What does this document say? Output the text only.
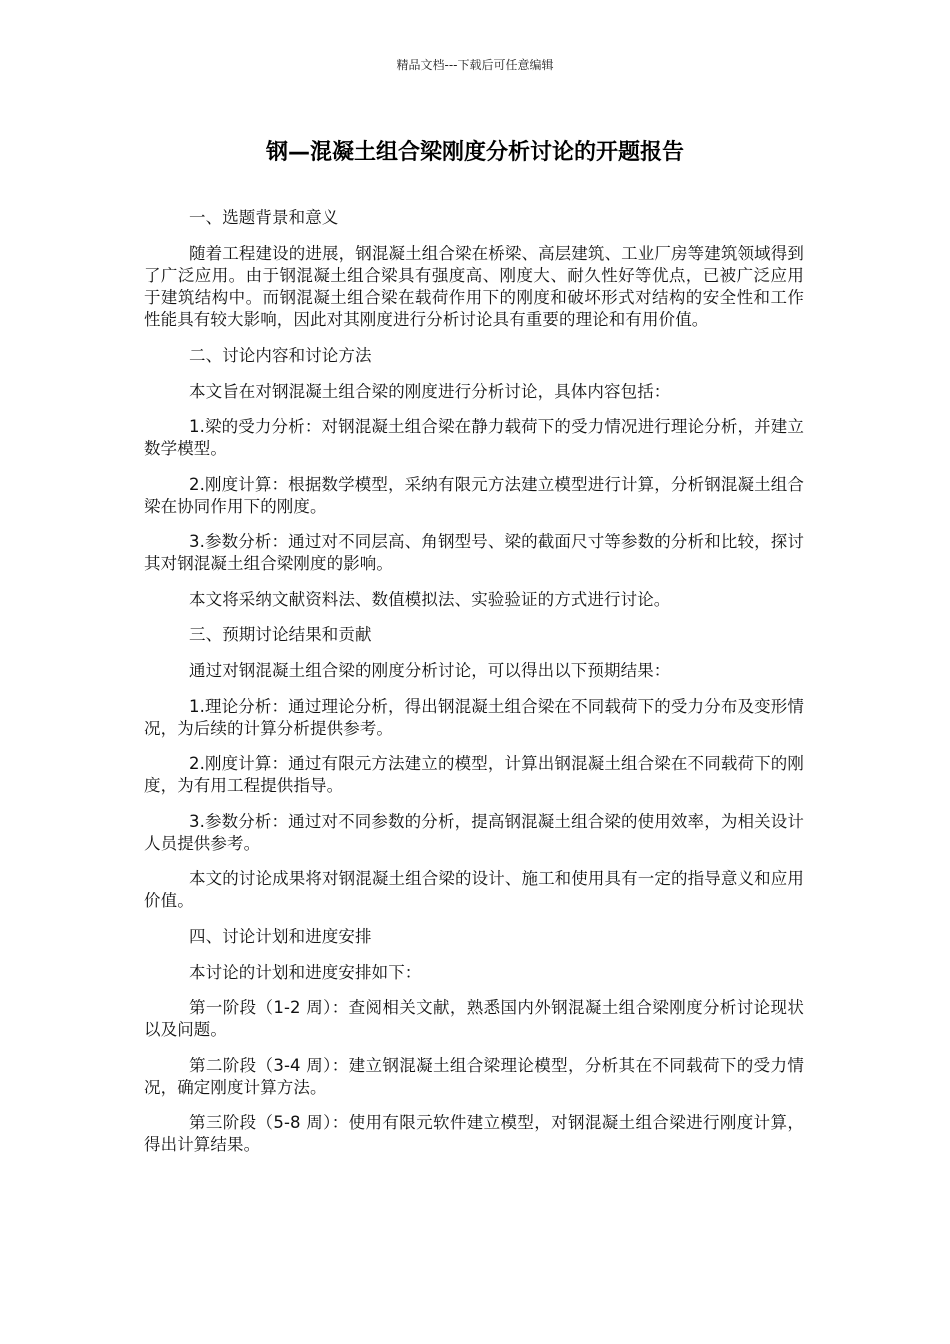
精品文档---下载后可任意编辑
钢—混凝土组合梁刚度分析讨论的开题报告

一、选题背景和意义

随着工程建设的进展，钢混凝土组合梁在桥梁、高层建筑、工业厂房等建筑领域得到了广泛应用。由于钢混凝土组合梁具有强度高、刚度大、耐久性好等优点，已被广泛应用于建筑结构中。而钢混凝土组合梁在载荷作用下的刚度和破坏形式对结构的安全性和工作性能具有较大影响，因此对其刚度进行分析讨论具有重要的理论和有用价值。

二、讨论内容和讨论方法

本文旨在对钢混凝土组合梁的刚度进行分析讨论，具体内容包括：

1.梁的受力分析：对钢混凝土组合梁在静力载荷下的受力情况进行理论分析，并建立数学模型。

2.刚度计算：根据数学模型，采纳有限元方法建立模型进行计算，分析钢混凝土组合梁在协同作用下的刚度。

3.参数分析：通过对不同层高、角钢型号、梁的截面尺寸等参数的分析和比较，探讨其对钢混凝土组合梁刚度的影响。

本文将采纳文献资料法、数值模拟法、实验验证的方式进行讨论。

三、预期讨论结果和贡献

通过对钢混凝土组合梁的刚度分析讨论，可以得出以下预期结果：

1.理论分析：通过理论分析，得出钢混凝土组合梁在不同载荷下的受力分布及变形情况，为后续的计算分析提供参考。

2.刚度计算：通过有限元方法建立的模型，计算出钢混凝土组合梁在不同载荷下的刚度，为有用工程提供指导。

3.参数分析：通过对不同参数的分析，提高钢混凝土组合梁的使用效率，为相关设计人员提供参考。

本文的讨论成果将对钢混凝土组合梁的设计、施工和使用具有一定的指导意义和应用价值。

四、讨论计划和进度安排

本讨论的计划和进度安排如下：

第一阶段（1-2 周）：查阅相关文献，熟悉国内外钢混凝土组合梁刚度分析讨论现状以及问题。

第二阶段（3-4 周）：建立钢混凝土组合梁理论模型，分析其在不同载荷下的受力情况，确定刚度计算方法。

第三阶段（5-8 周）：使用有限元软件建立模型，对钢混凝土组合梁进行刚度计算，得出计算结果。
